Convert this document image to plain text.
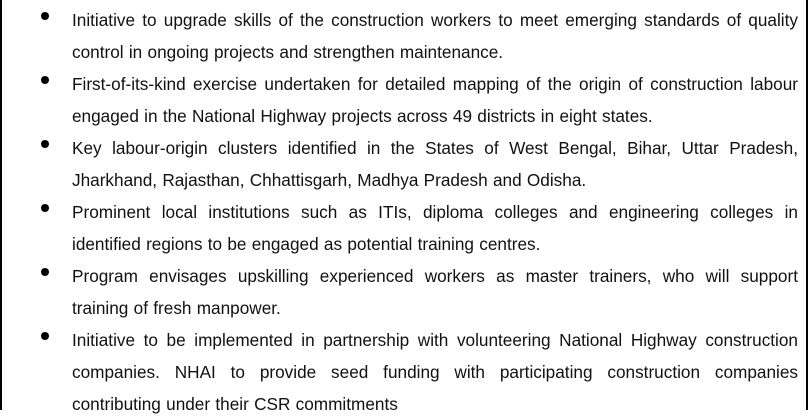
Initiative to upgrade skills of the construction workers to meet emerging standards of quality control in ongoing projects and strengthen maintenance.
First-of-its-kind exercise undertaken for detailed mapping of the origin of construction labour engaged in the National Highway projects across 49 districts in eight states.
Key labour-origin clusters identified in the States of West Bengal, Bihar, Uttar Pradesh, Jharkhand, Rajasthan, Chhattisgarh, Madhya Pradesh and Odisha.
Prominent local institutions such as ITIs, diploma colleges and engineering colleges in identified regions to be engaged as potential training centres.
Program envisages upskilling experienced workers as master trainers, who will support training of fresh manpower.
Initiative to be implemented in partnership with volunteering National Highway construction companies. NHAI to provide seed funding with participating construction companies contributing under their CSR commitments
